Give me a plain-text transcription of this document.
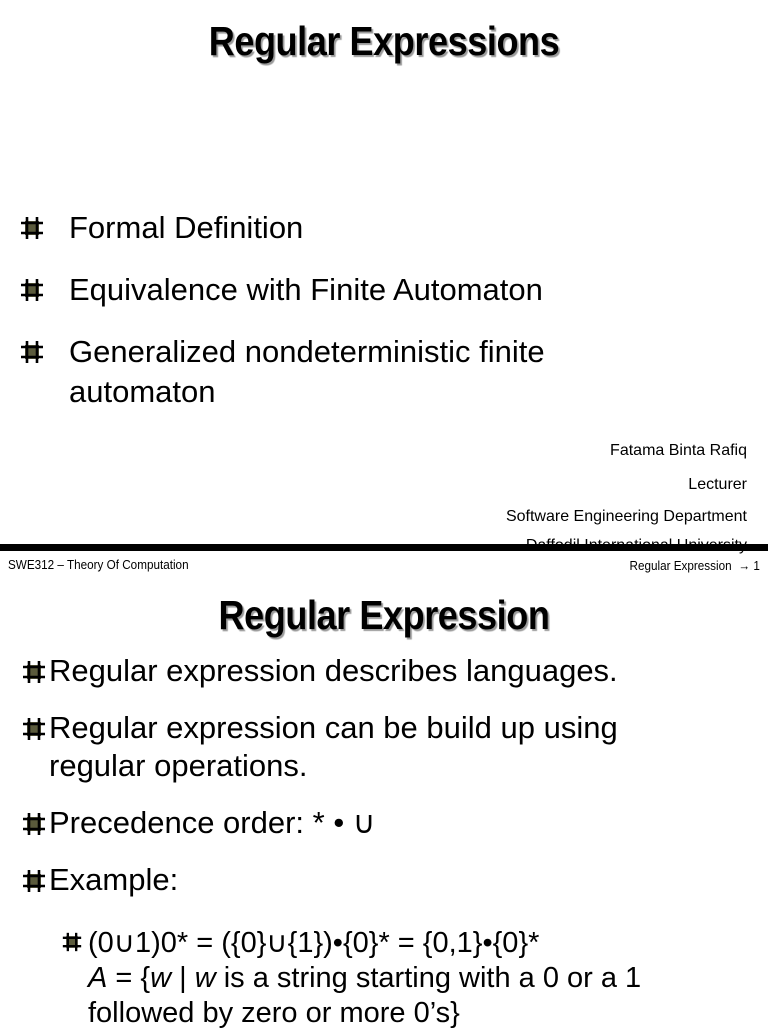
Regular Expressions
Formal Definition
Equivalence with Finite Automaton
Generalized nondeterministic finite automaton
Fatama Binta Rafiq
Lecturer
Software Engineering Department
SWE312 – Theory Of Computation	Regular Expression → 1
Regular Expression
Regular expression describes languages.
Regular expression can be build up using regular operations.
Precedence order: * • ∪
Example:
(0∪1)0* = ({0}∪{1})•{0}* = {0,1}•{0}*
A = {w | w is a string starting with a 0 or a 1 followed by zero or more 0’s}
